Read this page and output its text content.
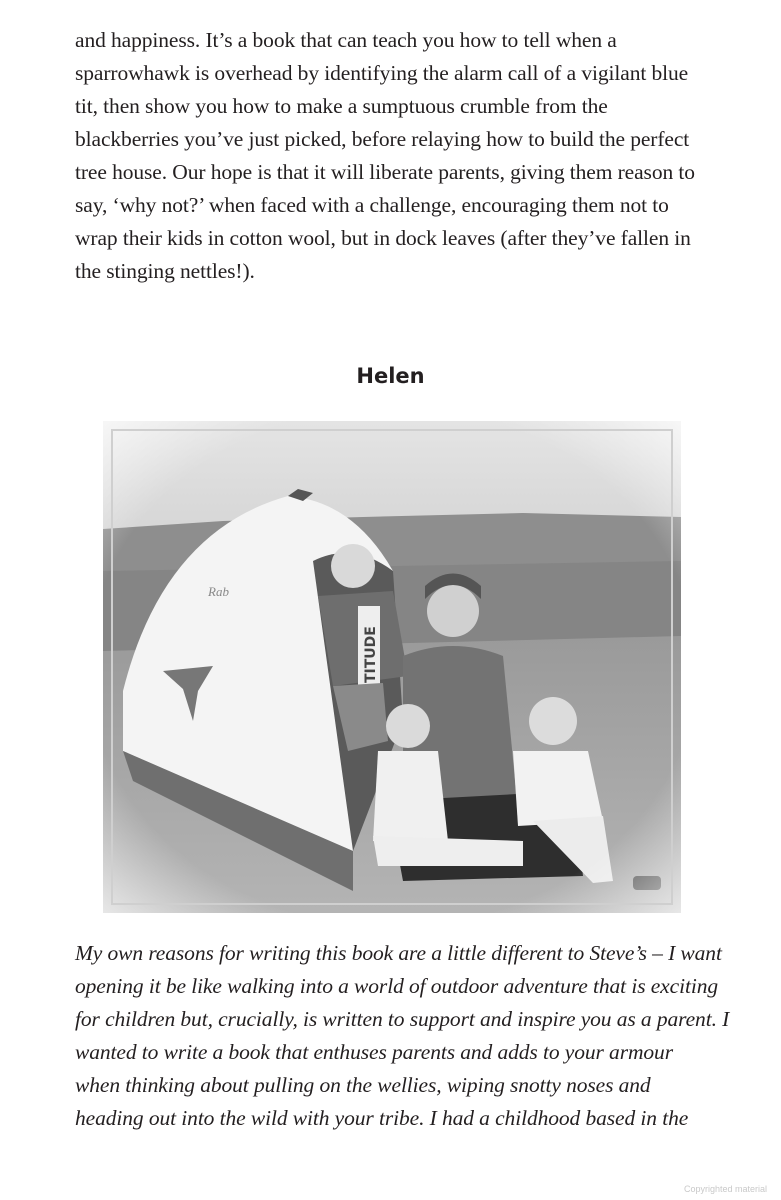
and happiness. It’s a book that can teach you how to tell when a
sparrowhawk is overhead by identifying the alarm call of a vigilant blue
tit, then show you how to make a sumptuous crumble from the
blackberries you’ve just picked, before relaying how to build the perfect
tree house. Our hope is that it will liberate parents, giving them reason to
say, ‘why not?’ when faced with a challenge, encouraging them not to
wrap their kids in cotton wool, but in dock leaves (after they’ve fallen in
the stinging nettles!).
Helen
My own reasons for writing this book are a little different to Steve’s – I want
opening it be like walking into a world of outdoor adventure that is exciting
for children but, crucially, is written to support and inspire you as a parent. I
wanted to write a book that enthuses parents and adds to your armour
when thinking about pulling on the wellies, wiping snotty noses and
heading out into the wild with your tribe. I had a childhood based in the
Copyrighted material
